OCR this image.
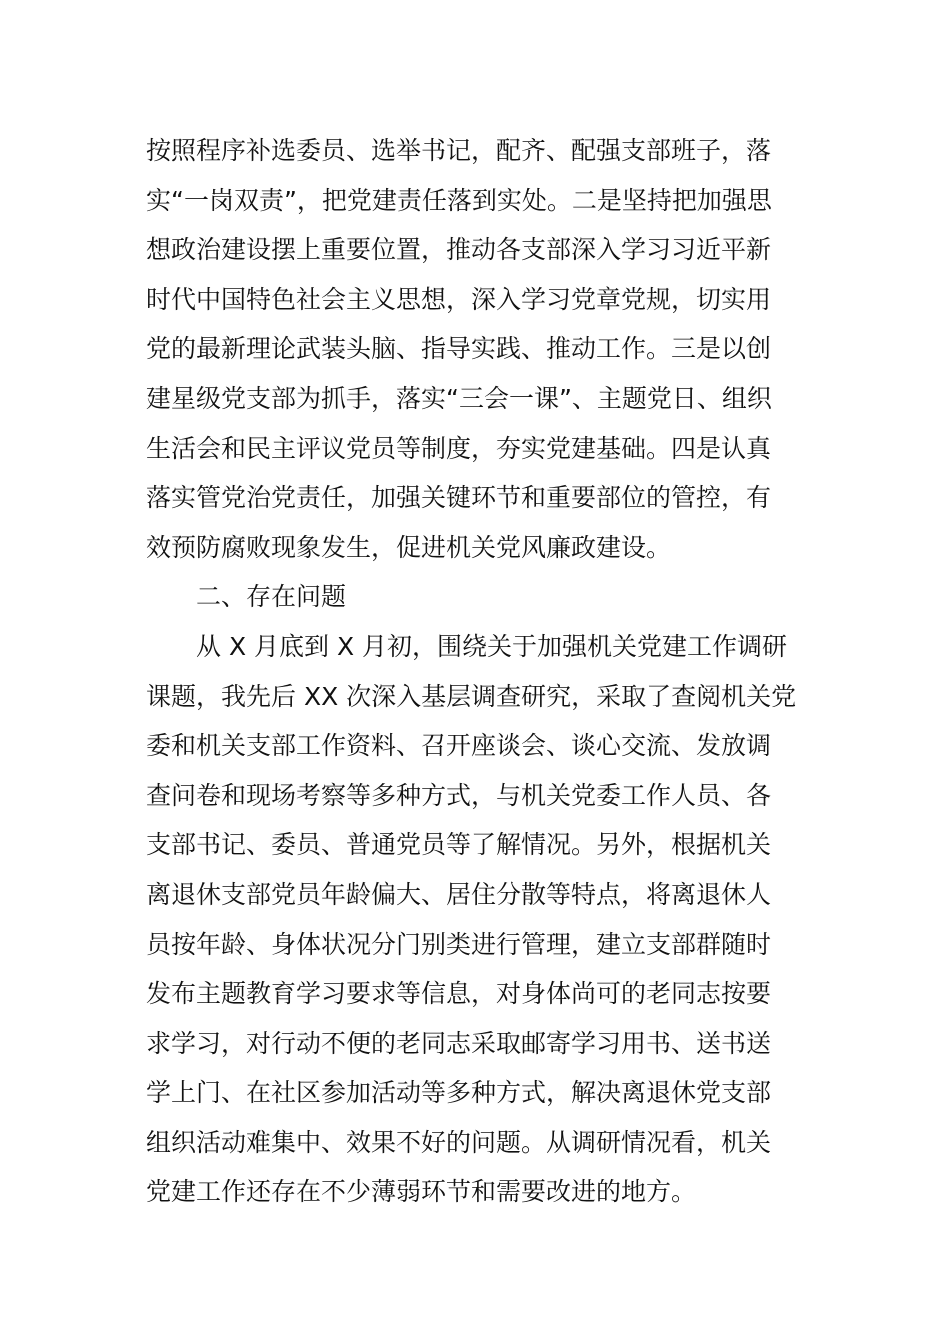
按照程序补选委员、选举书记，配齐、配强支部班子，落
实“一岗双责”，把党建责任落到实处。二是坚持把加强思
想政治建设摆上重要位置，推动各支部深入学习习近平新
时代中国特色社会主义思想，深入学习党章党规，切实用
党的最新理论武装头脑、指导实践、推动工作。三是以创
建星级党支部为抓手，落实“三会一课”、主题党日、组织
生活会和民主评议党员等制度，夯实党建基础。四是认真
落实管党治党责任，加强关键环节和重要部位的管控，有
效预防腐败现象发生，促进机关党风廉政建设。
二、存在问题
从 X 月底到 X 月初，围绕关于加强机关党建工作调研
课题，我先后 XX 次深入基层调查研究，采取了查阅机关党
委和机关支部工作资料、召开座谈会、谈心交流、发放调
查问卷和现场考察等多种方式，与机关党委工作人员、各
支部书记、委员、普通党员等了解情况。另外，根据机关
离退休支部党员年龄偏大、居住分散等特点，将离退休人
员按年龄、身体状况分门别类进行管理，建立支部群随时
发布主题教育学习要求等信息，对身体尚可的老同志按要
求学习，对行动不便的老同志采取邮寄学习用书、送书送
学上门、在社区参加活动等多种方式，解决离退休党支部
组织活动难集中、效果不好的问题。从调研情况看，机关
党建工作还存在不少薄弱环节和需要改进的地方。
